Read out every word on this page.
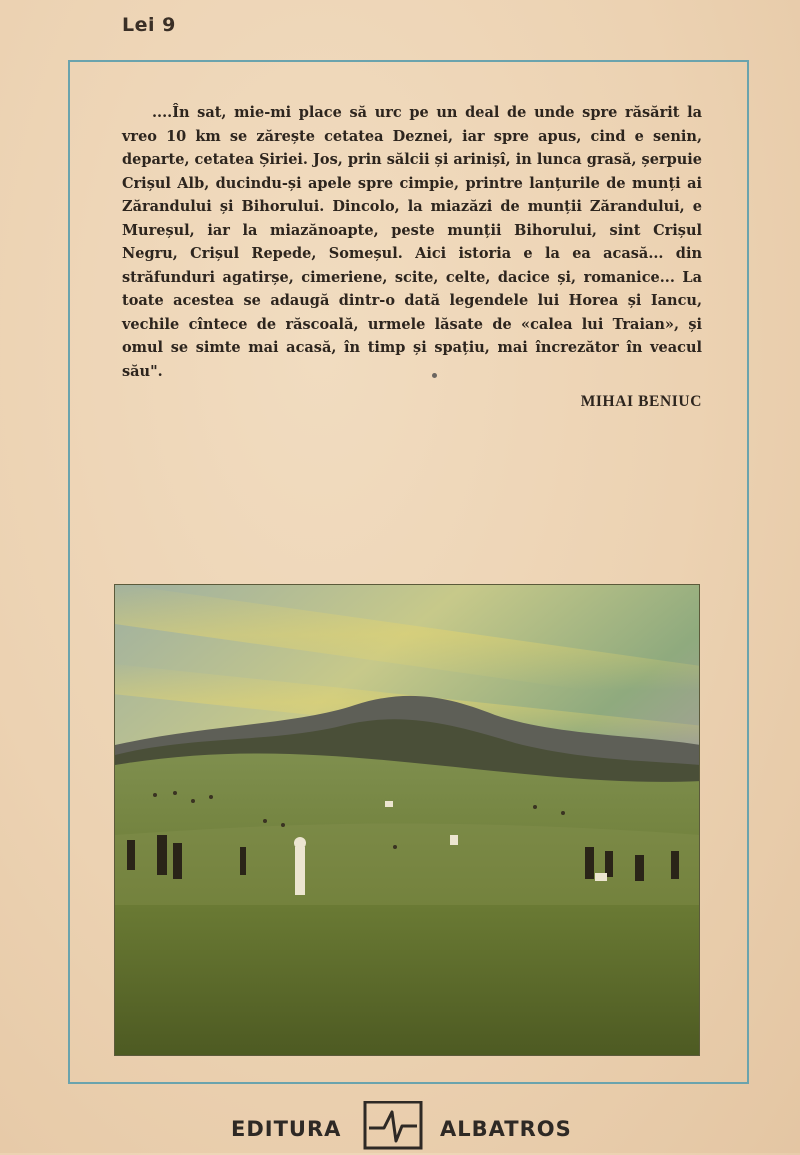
Lei 9

....În sat, mie-mi place să urc pe un deal de unde spre răsărit la vreo 10 km se zărește cetatea Deznei, iar spre apus, cind e senin, departe, cetatea Șiriei. Jos, prin sălcii și arinișî, in lunca grasă, șerpuie Crișul Alb, ducindu-și apele spre cimpie, printre lanțurile de munți ai Zărandului și Bihorului. Dincolo, la miazăzi de munții Zărandului, e Mureșul, iar la miazănoapte, peste munții Bihorului, sint Crișul Negru, Crișul Repede, Someșul. Aici istoria e la ea acasă... din străfunduri agatirșe, cimeriene, scite, celte, dacice și, romanice... La toate acestea se adaugă dintr-o dată legendele lui Horea și Iancu, vechile cîntece de răscoală, urmele lăsate de «calea lui Traian», și omul se simte mai acasă, în timp și spațiu, mai încrezător în veacul său".

MIHAI BENIUC
EDITURA	ALBATROS
